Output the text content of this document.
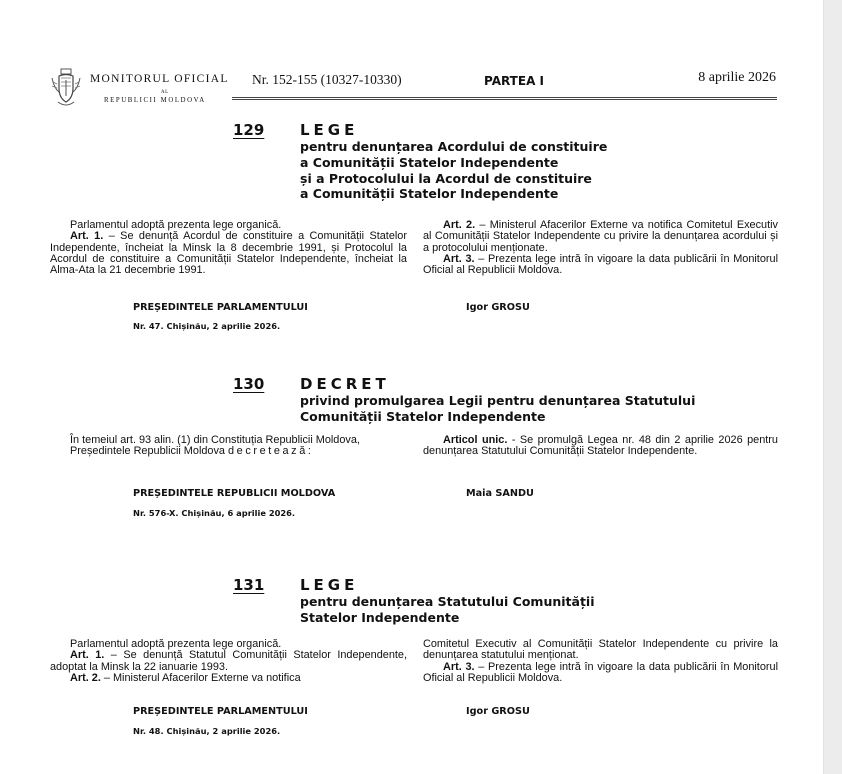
MONITORUL OFICIAL
AL
REPUBLICII MOLDOVA
Nr. 152-155 (10327-10330)	PARTEA I	8 aprilie 2026
129 LEGE
pentru denunțarea Acordului de constituire
a Comunității Statelor Independente
și a Protocolului la Acordul de constituire
a Comunității Statelor Independente

Parlamentul adoptă prezenta lege organică.

Art. 1. – Se denunță Acordul de constituire a Comunității Statelor Independente, încheiat la Minsk la 8 decembrie 1991, și Protocolul la Acordul de constituire a Comunității Statelor Independente, încheiat la Alma-Ata la 21 decembrie 1991.

Art. 2. – Ministerul Afacerilor Externe va notifica Comitetul Executiv al Comunității Statelor Independente cu privire la denunțarea acordului și a protocolului menționate.

Art. 3. – Prezenta lege intră în vigoare la data publicării în Monitorul Oficial al Republicii Moldova.

PREȘEDINTELE PARLAMENTULUI	Igor GROSU
Nr. 47. Chișinău, 2 aprilie 2026.
130 DECRET
privind promulgarea Legii pentru denunțarea Statutului
Comunității Statelor Independente

În temeiul art. 93 alin. (1) din Constituția Republicii Moldova,

Președintele Republicii Moldova decretează:

Articol unic. - Se promulgă Legea nr. 48 din 2 aprilie 2026 pentru denunțarea Statutului Comunității Statelor Independente.

PREȘEDINTELE REPUBLICII MOLDOVA	Maia SANDU
Nr. 576-X. Chișinău, 6 aprilie 2026.
131 LEGE
pentru denunțarea Statutului Comunității
Statelor Independente

Parlamentul adoptă prezenta lege organică.

Art. 1. – Se denunță Statutul Comunității Statelor Independente, adoptat la Minsk la 22 ianuarie 1993.

Art. 2. – Ministerul Afacerilor Externe va notifica

Comitetul Executiv al Comunității Statelor Independente cu privire la denunțarea statutului menționat.

Art. 3. – Prezenta lege intră în vigoare la data publicării în Monitorul Oficial al Republicii Moldova.

PREȘEDINTELE PARLAMENTULUI	Igor GROSU
Nr. 48. Chișinău, 2 aprilie 2026.
